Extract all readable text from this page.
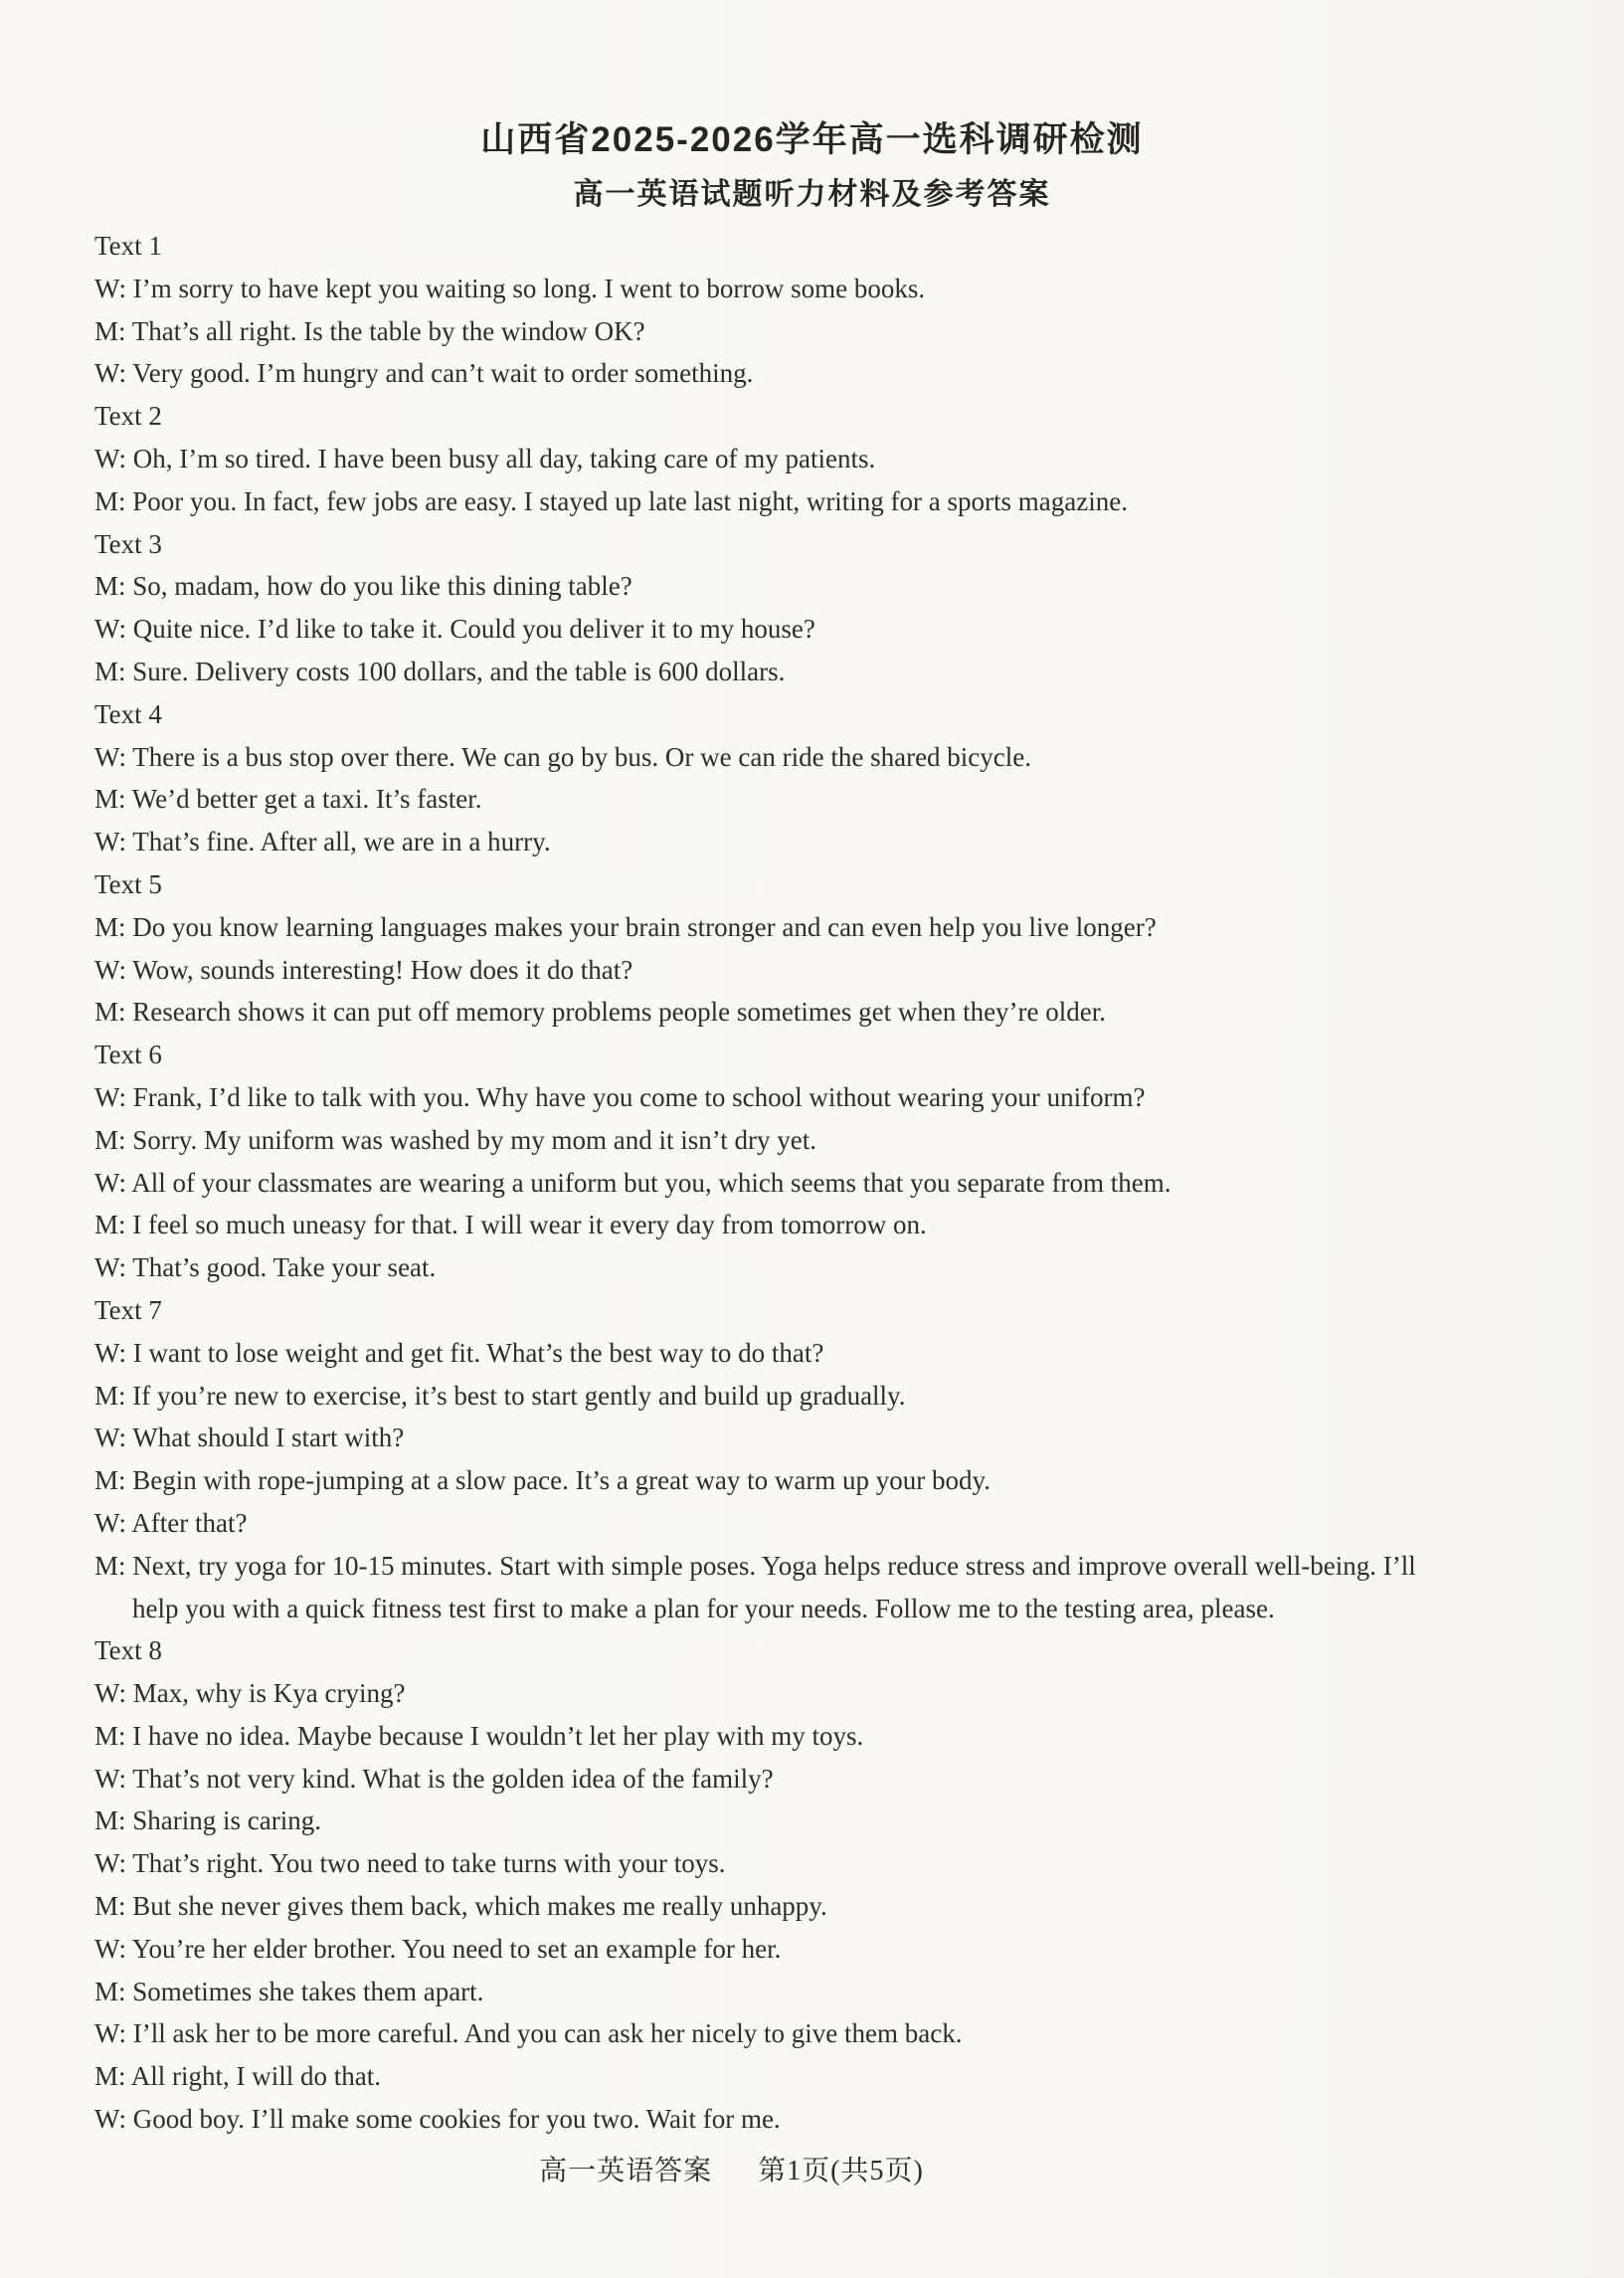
山西省2025-2026学年高一选科调研检测
高一英语试题听力材料及参考答案
Text 1
W: I’m sorry to have kept you waiting so long. I went to borrow some books.
M: That’s all right. Is the table by the window OK?
W: Very good. I’m hungry and can’t wait to order something.
Text 2
W: Oh, I’m so tired. I have been busy all day, taking care of my patients.
M: Poor you. In fact, few jobs are easy. I stayed up late last night, writing for a sports magazine.
Text 3
M: So, madam, how do you like this dining table?
W: Quite nice. I’d like to take it. Could you deliver it to my house?
M: Sure. Delivery costs 100 dollars, and the table is 600 dollars.
Text 4
W: There is a bus stop over there. We can go by bus. Or we can ride the shared bicycle.
M: We’d better get a taxi. It’s faster.
W: That’s fine. After all, we are in a hurry.
Text 5
M: Do you know learning languages makes your brain stronger and can even help you live longer?
W: Wow, sounds interesting! How does it do that?
M: Research shows it can put off memory problems people sometimes get when they’re older.
Text 6
W: Frank, I’d like to talk with you. Why have you come to school without wearing your uniform?
M: Sorry. My uniform was washed by my mom and it isn’t dry yet.
W: All of your classmates are wearing a uniform but you, which seems that you separate from them.
M: I feel so much uneasy for that. I will wear it every day from tomorrow on.
W: That’s good. Take your seat.
Text 7
W: I want to lose weight and get fit. What’s the best way to do that?
M: If you’re new to exercise, it’s best to start gently and build up gradually.
W: What should I start with?
M: Begin with rope-jumping at a slow pace. It’s a great way to warm up your body.
W: After that?
M: Next, try yoga for 10-15 minutes. Start with simple poses. Yoga helps reduce stress and improve overall well-being. I’ll
help you with a quick fitness test first to make a plan for your needs. Follow me to the testing area, please.
Text 8
W: Max, why is Kya crying?
M: I have no idea. Maybe because I wouldn’t let her play with my toys.
W: That’s not very kind. What is the golden idea of the family?
M: Sharing is caring.
W: That’s right. You two need to take turns with your toys.
M: But she never gives them back, which makes me really unhappy.
W: You’re her elder brother. You need to set an example for her.
M: Sometimes she takes them apart.
W: I’ll ask her to be more careful. And you can ask her nicely to give them back.
M: All right, I will do that.
W: Good boy. I’ll make some cookies for you two. Wait for me.
高一英语答案 第1页(共5页)
